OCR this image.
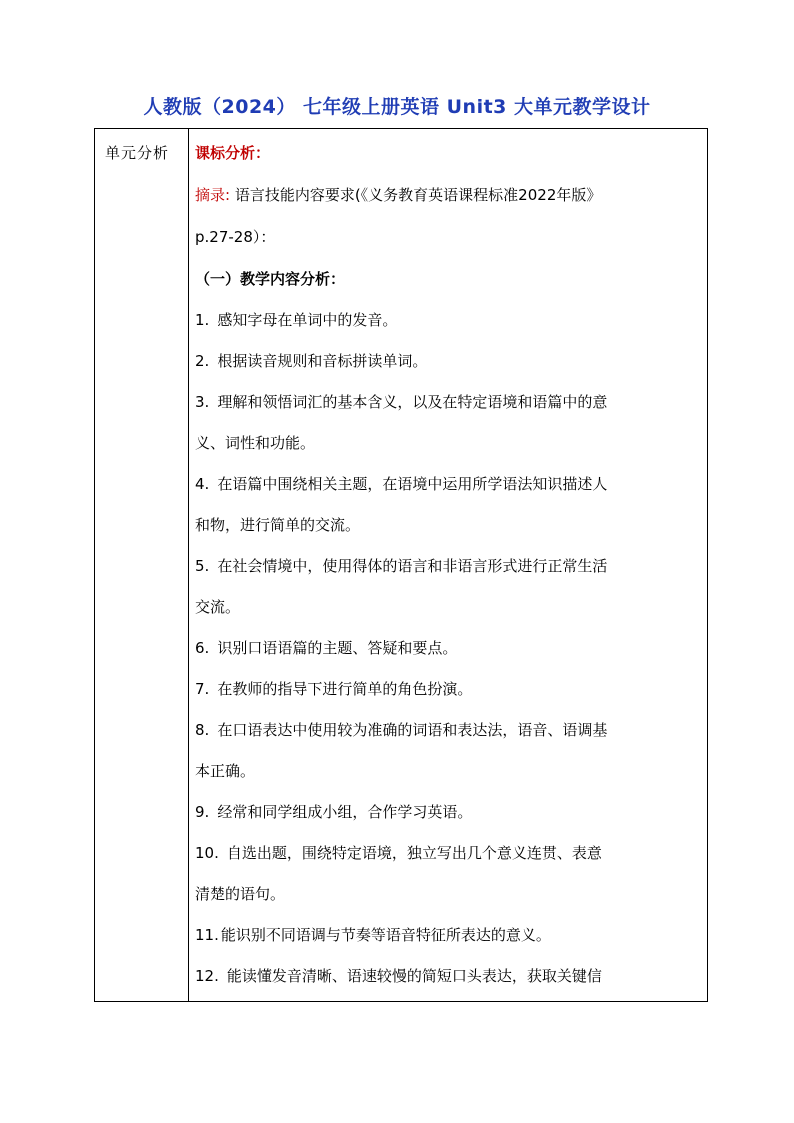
人教版（2024） 七年级上册英语 Unit3 大单元教学设计
单元分析 课标分析：
摘录: 语言技能内容要求(《义务教育英语课程标准2022年版》
p.27-28）：
（一）教学内容分析：
1. 感知字母在单词中的发音。
2. 根据读音规则和音标拼读单词。
3. 理解和领悟词汇的基本含义，以及在特定语境和语篇中的意
义、词性和功能。
4. 在语篇中围绕相关主题，在语境中运用所学语法知识描述人
和物，进行简单的交流。
5. 在社会情境中，使用得体的语言和非语言形式进行正常生活
交流。
6. 识别口语语篇的主题、答疑和要点。
7. 在教师的指导下进行简单的角色扮演。
8. 在口语表达中使用较为准确的词语和表达法，语音、语调基
本正确。
9. 经常和同学组成小组，合作学习英语。
10. 自选出题，围绕特定语境，独立写出几个意义连贯、表意
清楚的语句。
11. 能识别不同语调与节奏等语音特征所表达的意义。
12. 能读懂发音清晰、语速较慢的简短口头表达，获取关键信
